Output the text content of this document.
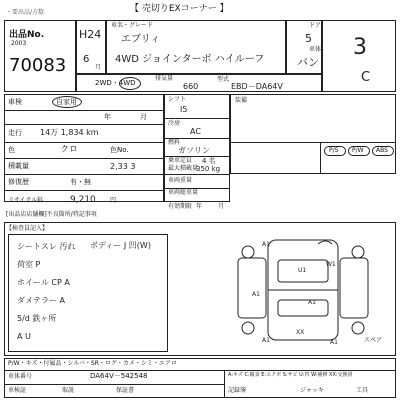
・要出品/方数	【 売切りEXコーナー 】
出品No.
2003
70083
H24
6
月
車名・グレード
エブリィ
4WD ジョインターボ ハイルーフ
ドア
5
車体
バン
3
C
2WD・4WD
排気量
660
型式
EBD－DA64V
車検	自家用
年	月
走行 14万 1,834 km
色	クロ	色No.
積載量	2,33 3
修復歴	有・無
シフト
I5
冷房
AC
燃料
ガソリン
乗車定員 4 名
最大積載量
350 kg
車両重量
車両総重量
装備
P/S P/W ABS
有効期限 年	月
リサイクル料	9,210 円
[出品店店舗欄]不良箇所/特記事項
【検査員記入】
シートスレ 汚れ
荷室 P
ホイール CP A
ダメテラー A
5/d 鉄ヶ所
A U
ボディー J 凹(W)	A1
U1
W1
A1
XX
A1	A1
A1
スペア
P/W・キズ・付属品・シルバ・SR・ログ・カメ・シミ・エアロ
車体番号	DA64V－542548	A:キズ C:腐食 E:エクボ S:サビ U:凹 W:補修 XX:交換済
車検証	取説	保証書	記録簿	ジャッキ	工具
